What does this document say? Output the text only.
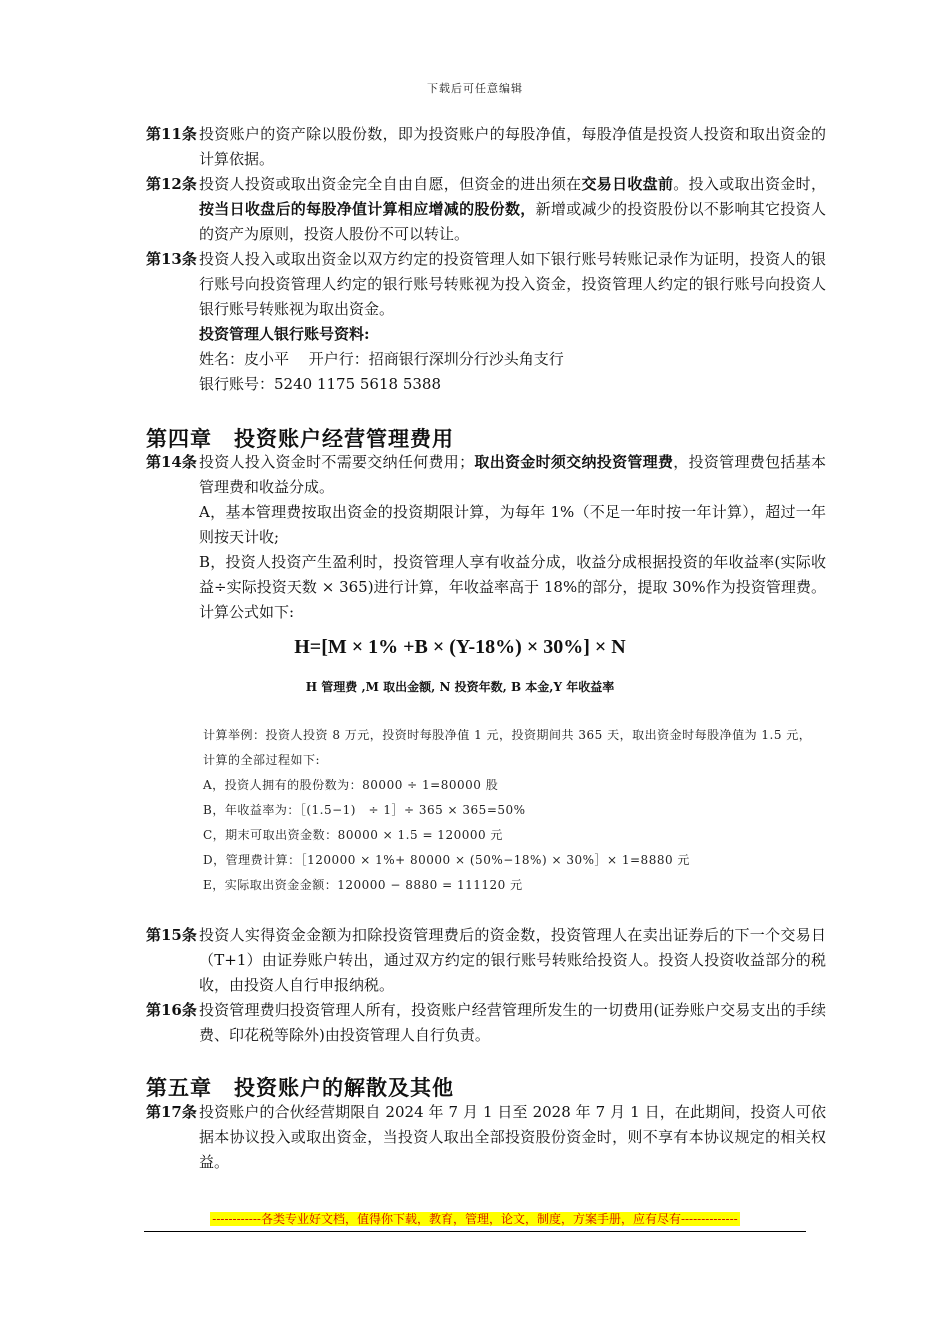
下载后可任意编辑
第11条 投资账户的资产除以股份数，即为投资账户的每股净值，每股净值是投资人投资和取出资金的计算依据。

第12条 投资人投资或取出资金完全自由自愿，但资金的进出须在交易日收盘前。投入或取出资金时，按当日收盘后的每股净值计算相应增减的股份数，新增或减少的投资股份以不影响其它投资人的资产为原则，投资人股份不可以转让。

第13条 投资人投入或取出资金以双方约定的投资管理人如下银行账号转账记录作为证明，投资人的银行账号向投资管理人约定的银行账号转账视为投入资金，投资管理人约定的银行账号向投资人银行账号转账视为取出资金。

投资管理人银行账号资料:

姓名：皮小平　 开户行：招商银行深圳分行沙头角支行

银行账号：5240 1175 5618 5388

第四章 投资账户经营管理费用
第14条 投资人投入资金时不需要交纳任何费用；取出资金时须交纳投资管理费，投资管理费包括基本管理费和收益分成。

A，基本管理费按取出资金的投资期限计算，为每年 1%（不足一年时按一年计算），超过一年则按天计收;

B，投资人投资产生盈利时，投资管理人享有收益分成，收益分成根据投资的年收益率(实际收益÷实际投资天数 × 365)进行计算，年收益率高于 18%的部分，提取 30%作为投资管理费。计算公式如下:

H=[M × 1% +B × (Y-18%) × 30%] × N
H 管理费 ,M 取出金额, N 投资年数, B 本金,Y 年收益率

计算举例：投资人投资 8 万元，投资时每股净值 1 元，投资期间共 365 天，取出资金时每股净值为 1.5 元，计算的全部过程如下:

A，投资人拥有的股份数为：80000 ÷ 1=80000 股

B，年收益率为：［(1.5−1)　÷ 1］÷ 365 × 365=50%

C，期末可取出资金数：80000 × 1.5 = 120000 元

D，管理费计算：［120000 × 1%+ 80000 × (50%−18%) × 30%］× 1=8880 元

E，实际取出资金金额：120000 − 8880 = 111120 元

第15条 投资人实得资金金额为扣除投资管理费后的资金数，投资管理人在卖出证券后的下一个交易日（T+1）由证券账户转出，通过双方约定的银行账号转账给投资人。投资人投资收益部分的税收，由投资人自行申报纳税。

第16条 投资管理费归投资管理人所有，投资账户经营管理所发生的一切费用(证券账户交易支出的手续费、印花税等除外)由投资管理人自行负责。

第五章 投资账户的解散及其他
第17条 投资账户的合伙经营期限自 2024 年 7 月 1 日至 2028 年 7 月 1 日，在此期间，投资人可依据本协议投入或取出资金，当投资人取出全部投资股份资金时，则不享有本协议规定的相关权益。

------------各类专业好文档，值得你下载，教育，管理，论文，制度，方案手册，应有尽有--------------
